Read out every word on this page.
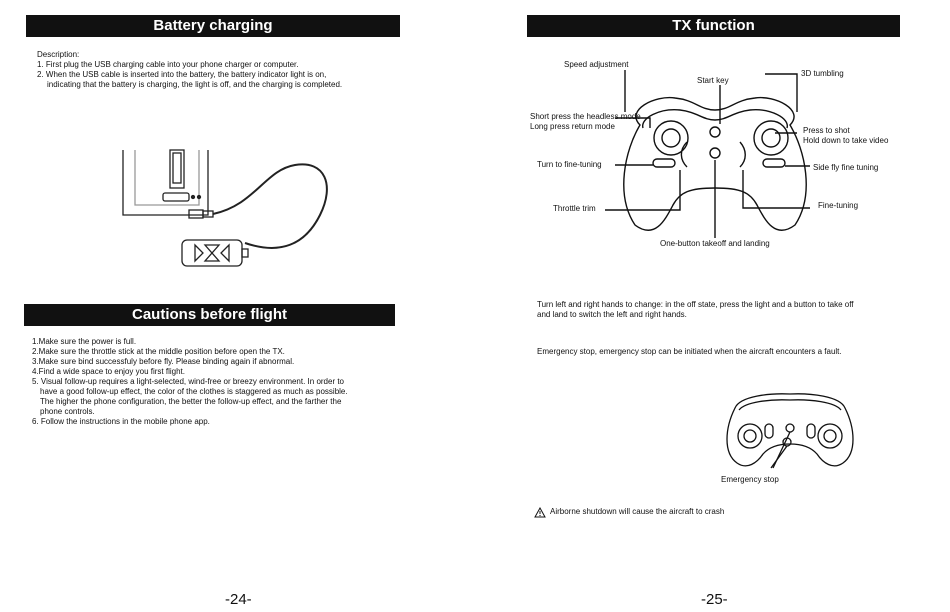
Battery charging
Description:
1. First plug the USB charging cable into your phone charger or computer.
2. When the USB cable is inserted into the battery, the battery indicator light is on,
indicating that the battery is charging, the light is off, and the charging is completed.
Cautions before flight
1.Make sure the power is full.
2.Make sure the throttle stick at the middle position before open the TX.
3.Make sure bind successfuly before fly. Please binding again if abnormal.
4.Find a wide space to enjoy you first flight.
5. Visual follow-up requires a light-selected, wind-free or breezy environment. In order to
have a good follow-up effect, the color of the clothes is staggered as much as possible.
The higher the phone configuration, the better the follow-up effect, and the farther the
phone controls.
6. Follow the instructions in the mobile phone app.
-24-
TX function
Speed adjustment
Start key
3D tumbling
Short press the headless mode
Long press return mode	Press to shot
Hold down to take video
Turn to fine-tuning	Side fly fine tuning
Throttle trim	Fine-tuning
One-button takeoff and landing
Turn left and right hands to change: in the off state, press the light and a button to take off
and land to switch the left and right hands.
Emergency stop, emergency stop can be initiated when the aircraft encounters a fault.
Emergency stop
Airborne shutdown will cause the aircraft to crash
-25-
